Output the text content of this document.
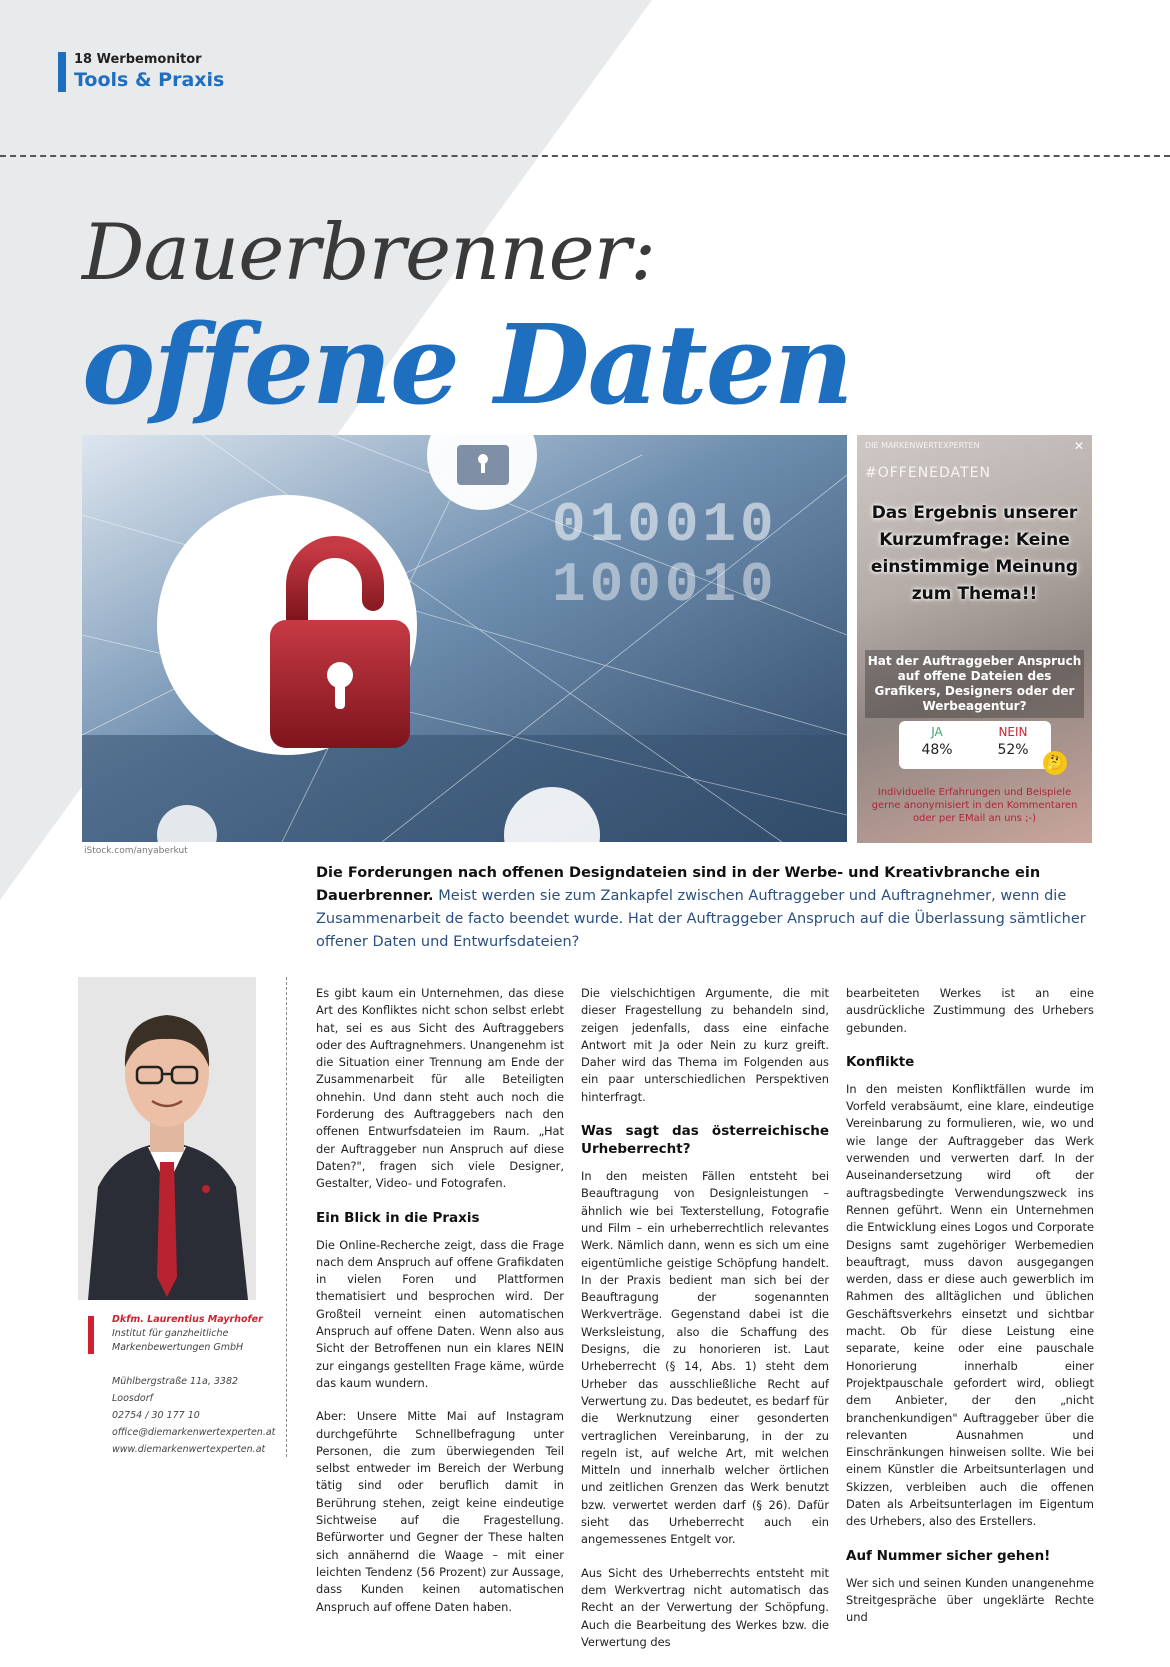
18 Werbemonitor
Tools & Praxis
Dauerbrenner:
offene Daten
010010
100010
iStock.com/anyaberkut
DIE MARKENWERTEXPERTEN	✕
#OFFENEDATEN
Das Ergebnis unserer Kurzumfrage: Keine einstimmige Meinung zum Thema!!
Hat der Auftraggeber Anspruch auf offene Dateien des Grafikers, Designers oder der Werbeagentur?
JA
48%
NEIN
52%
🤔
Individuelle Erfahrungen und Beispiele gerne anonymisiert in den Kommentaren oder per EMail an uns ;-)
Die Forderungen nach offenen Designdateien sind in der Werbe- und Kreativbranche ein Dauerbrenner. Meist werden sie zum Zankapfel zwischen Auftraggeber und Auftragnehmer, wenn die Zusammenarbeit de facto beendet wurde. Hat der Auftraggeber Anspruch auf die Überlassung sämtlicher offener Daten und Entwurfsdateien?
Dkfm. Laurentius Mayrhofer
Institut für ganzheitliche Markenbewertungen GmbH
Mühlbergstraße 11a, 3382 Loosdorf
02754 / 30 177 10
office@diemarkenwertexperten.at
www.diemarkenwertexperten.at

Es gibt kaum ein Unternehmen, das diese Art des Konfliktes nicht schon selbst erlebt hat, sei es aus Sicht des Auftraggebers oder des Auftragnehmers. Unangenehm ist die Situation einer Trennung am Ende der Zusammenarbeit für alle Beteiligten ohnehin. Und dann steht auch noch die Forderung des Auftraggebers nach den offenen Entwurfsdateien im Raum. „Hat der Auftraggeber nun Anspruch auf diese Daten?", fragen sich viele Designer, Gestalter, Video- und Fotografen.

Ein Blick in die Praxis

Die Online-Recherche zeigt, dass die Frage nach dem Anspruch auf offene Grafikdaten in vielen Foren und Plattformen thematisiert und besprochen wird. Der Großteil verneint einen automatischen Anspruch auf offene Daten. Wenn also aus Sicht der Betroffenen nun ein klares NEIN zur eingangs gestellten Frage käme, würde das kaum wundern.

Aber: Unsere Mitte Mai auf Instagram durchgeführte Schnellbefragung unter Personen, die zum überwiegenden Teil selbst entweder im Bereich der Werbung tätig sind oder beruflich damit in Berührung stehen, zeigt keine eindeutige Sichtweise auf die Fragestellung. Befürworter und Gegner der These halten sich annähernd die Waage – mit einer leichten Tendenz (56 Prozent) zur Aussage, dass Kunden keinen automatischen Anspruch auf offene Daten haben.

Die vielschichtigen Argumente, die mit dieser Fragestellung zu behandeln sind, zeigen jedenfalls, dass eine einfache Antwort mit Ja oder Nein zu kurz greift. Daher wird das Thema im Folgenden aus ein paar unterschiedlichen Perspektiven hinterfragt.

Was sagt das österreichische Urheberrecht?

In den meisten Fällen entsteht bei Beauftragung von Designleistungen – ähnlich wie bei Texterstellung, Fotografie und Film – ein urheberrechtlich relevantes Werk. Nämlich dann, wenn es sich um eine eigentümliche geistige Schöpfung handelt. In der Praxis bedient man sich bei der Beauftragung der sogenannten Werkverträge. Gegenstand dabei ist die Werksleistung, also die Schaffung des Designs, die zu honorieren ist. Laut Urheberrecht (§ 14, Abs. 1) steht dem Urheber das ausschließliche Recht auf Verwertung zu. Das bedeutet, es bedarf für die Werknutzung einer gesonderten vertraglichen Vereinbarung, in der zu regeln ist, auf welche Art, mit welchen Mitteln und innerhalb welcher örtlichen und zeitlichen Grenzen das Werk benutzt bzw. verwertet werden darf (§ 26). Dafür sieht das Urheberrecht auch ein angemessenes Entgelt vor.

Aus Sicht des Urheberrechts entsteht mit dem Werkvertrag nicht automatisch das Recht an der Verwertung der Schöpfung. Auch die Bearbeitung des Werkes bzw. die Verwertung des

bearbeiteten Werkes ist an eine ausdrückliche Zustimmung des Urhebers gebunden.

Konflikte

In den meisten Konfliktfällen wurde im Vorfeld verabsäumt, eine klare, eindeutige Vereinbarung zu formulieren, wie, wo und wie lange der Auftraggeber das Werk verwenden und verwerten darf. In der Auseinandersetzung wird oft der auftragsbedingte Verwendungszweck ins Rennen geführt. Wenn ein Unternehmen die Entwicklung eines Logos und Corporate Designs samt zugehöriger Werbemedien beauftragt, muss davon ausgegangen werden, dass er diese auch gewerblich im Rahmen des alltäglichen und üblichen Geschäftsverkehrs einsetzt und sichtbar macht. Ob für diese Leistung eine separate, keine oder eine pauschale Honorierung innerhalb einer Projektpauschale gefordert wird, obliegt dem Anbieter, der den „nicht branchenkundigen" Auftraggeber über die relevanten Ausnahmen und Einschränkungen hinweisen sollte. Wie bei einem Künstler die Arbeitsunterlagen und Skizzen, verbleiben auch die offenen Daten als Arbeitsunterlagen im Eigentum des Urhebers, also des Erstellers.

Auf Nummer sicher gehen!

Wer sich und seinen Kunden unangenehme Streitgespräche über ungeklärte Rechte und
